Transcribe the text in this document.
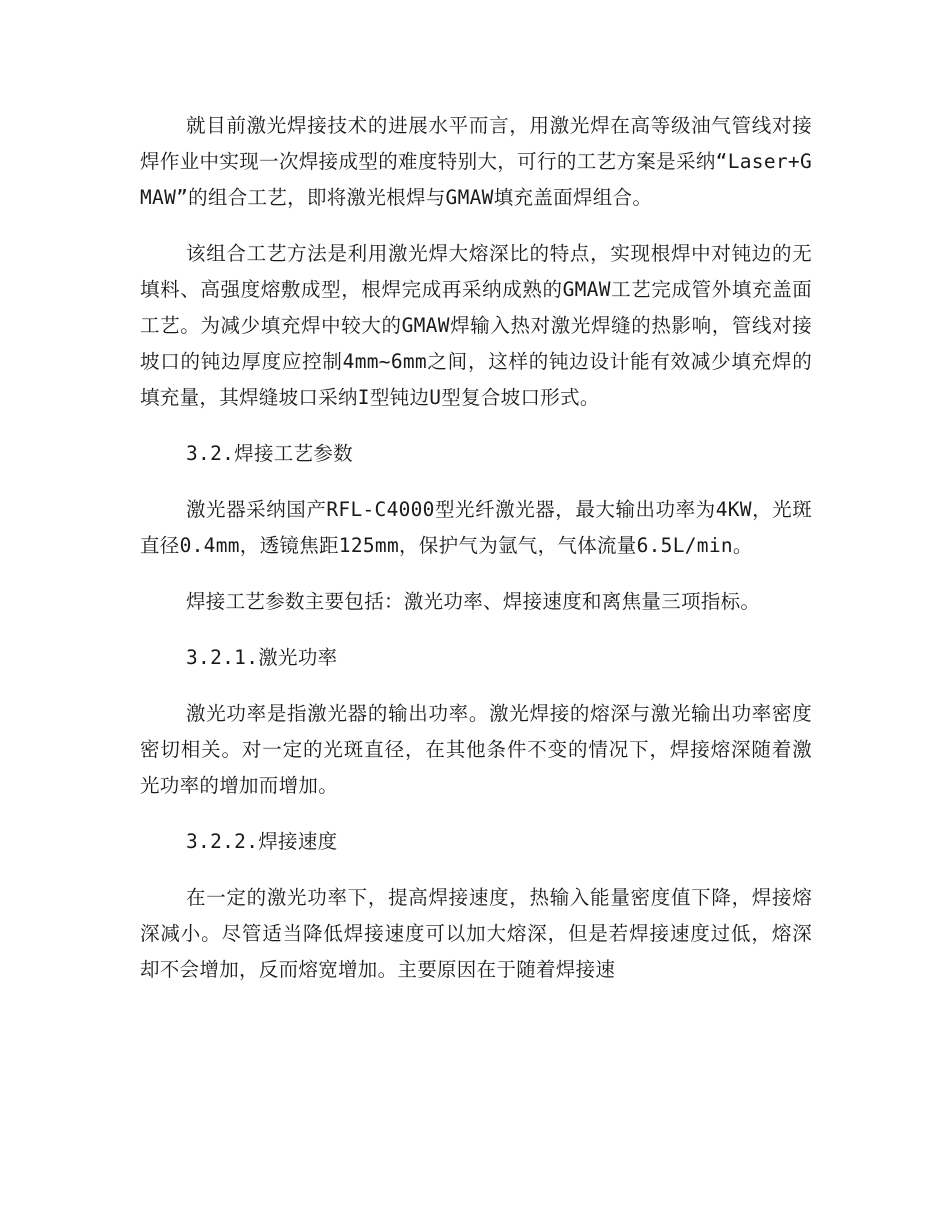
就目前激光焊接技术的进展水平而言，用激光焊在高等级油气管线对接焊作业中实现一次焊接成型的难度特别大，可行的工艺方案是采纳“Laser+GMAW”的组合工艺，即将激光根焊与GMAW填充盖面焊组合。

该组合工艺方法是利用激光焊大熔深比的特点，实现根焊中对钝边的无填料、高强度熔敷成型，根焊完成再采纳成熟的GMAW工艺完成管外填充盖面工艺。为减少填充焊中较大的GMAW焊输入热对激光焊缝的热影响，管线对接坡口的钝边厚度应控制4mm~6mm之间，这样的钝边设计能有效减少填充焊的填充量，其焊缝坡口采纳I型钝边U型复合坡口形式。

3.2.焊接工艺参数

激光器采纳国产RFL-C4000型光纤激光器，最大输出功率为4KW，光斑直径0.4mm，透镜焦距125mm，保护气为氩气，气体流量6.5L/min。

焊接工艺参数主要包括：激光功率、焊接速度和离焦量三项指标。

3.2.1.激光功率

激光功率是指激光器的输出功率。激光焊接的熔深与激光输出功率密度密切相关。对一定的光斑直径，在其他条件不变的情况下，焊接熔深随着激光功率的增加而增加。

3.2.2.焊接速度

在一定的激光功率下，提高焊接速度，热输入能量密度值下降，焊接熔深减小。尽管适当降低焊接速度可以加大熔深，但是若焊接速度过低，熔深却不会增加，反而熔宽增加。主要原因在于随着焊接速
